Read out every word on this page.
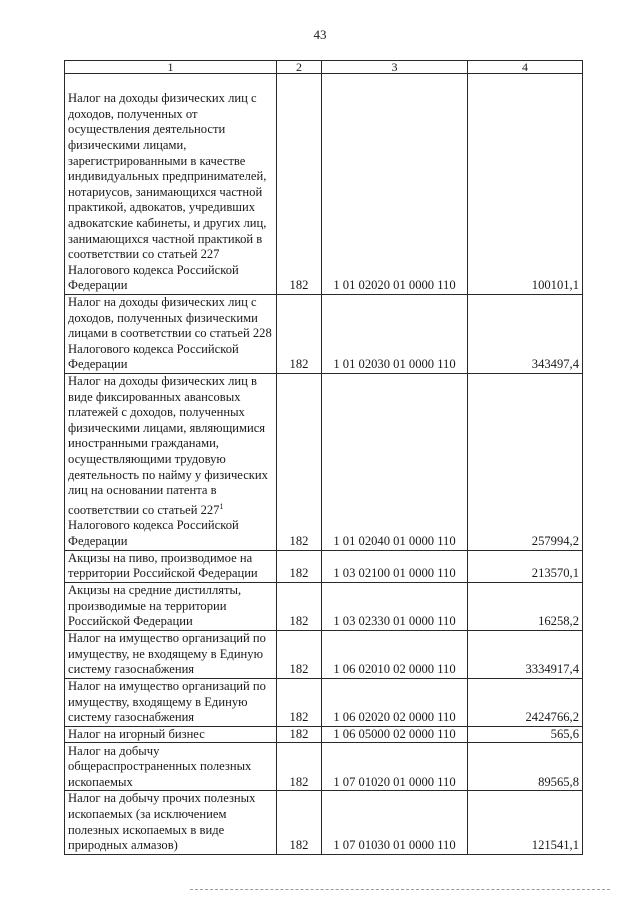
43
1	2	3	4
Налог на доходы физических лиц с доходов, полученных от осуществления деятельности физическими лицами, зарегистрированными в качестве индивидуальных предпринимателей, нотариусов, занимающихся частной практикой, адвокатов, учредивших адвокатские кабинеты, и других лиц, занимающихся частной практикой в соответствии со статьей 227 Налогового кодекса Российской Федерации	182	1 01 02020 01 0000 110	100101,1
Налог на доходы физических лиц с доходов, полученных физическими лицами в соответствии со статьей 228 Налогового кодекса Российской Федерации	182	1 01 02030 01 0000 110	343497,4
Налог на доходы физических лиц в виде фиксированных авансовых платежей с доходов, полученных физическими лицами, являющимися иностранными гражданами, осуществляющими трудовую деятельность по найму у физических лиц на основании патента в соответствии со статьей $227^1$ Налогового кодекса Российской Федерации	182	1 01 02040 01 0000 110	257994,2
Акцизы на пиво, производимое на территории Российской Федерации	182	1 03 02100 01 0000 110	213570,1
Акцизы на средние дистилляты, производимые на территории Российской Федерации	182	1 03 02330 01 0000 110	16258,2
Налог на имущество организаций по имуществу, не входящему в Единую систему газоснабжения	182	1 06 02010 02 0000 110	3334917,4
Налог на имущество организаций по имуществу, входящему в Единую систему газоснабжения	182	1 06 02020 02 0000 110	2424766,2
Налог на игорный бизнес	182	1 06 05000 02 0000 110	565,6
Налог на добычу общераспространенных полезных ископаемых	182	1 07 01020 01 0000 110	89565,8
Налог на добычу прочих полезных ископаемых (за исключением полезных ископаемых в виде природных алмазов)	182	1 07 01030 01 0000 110	121541,1
